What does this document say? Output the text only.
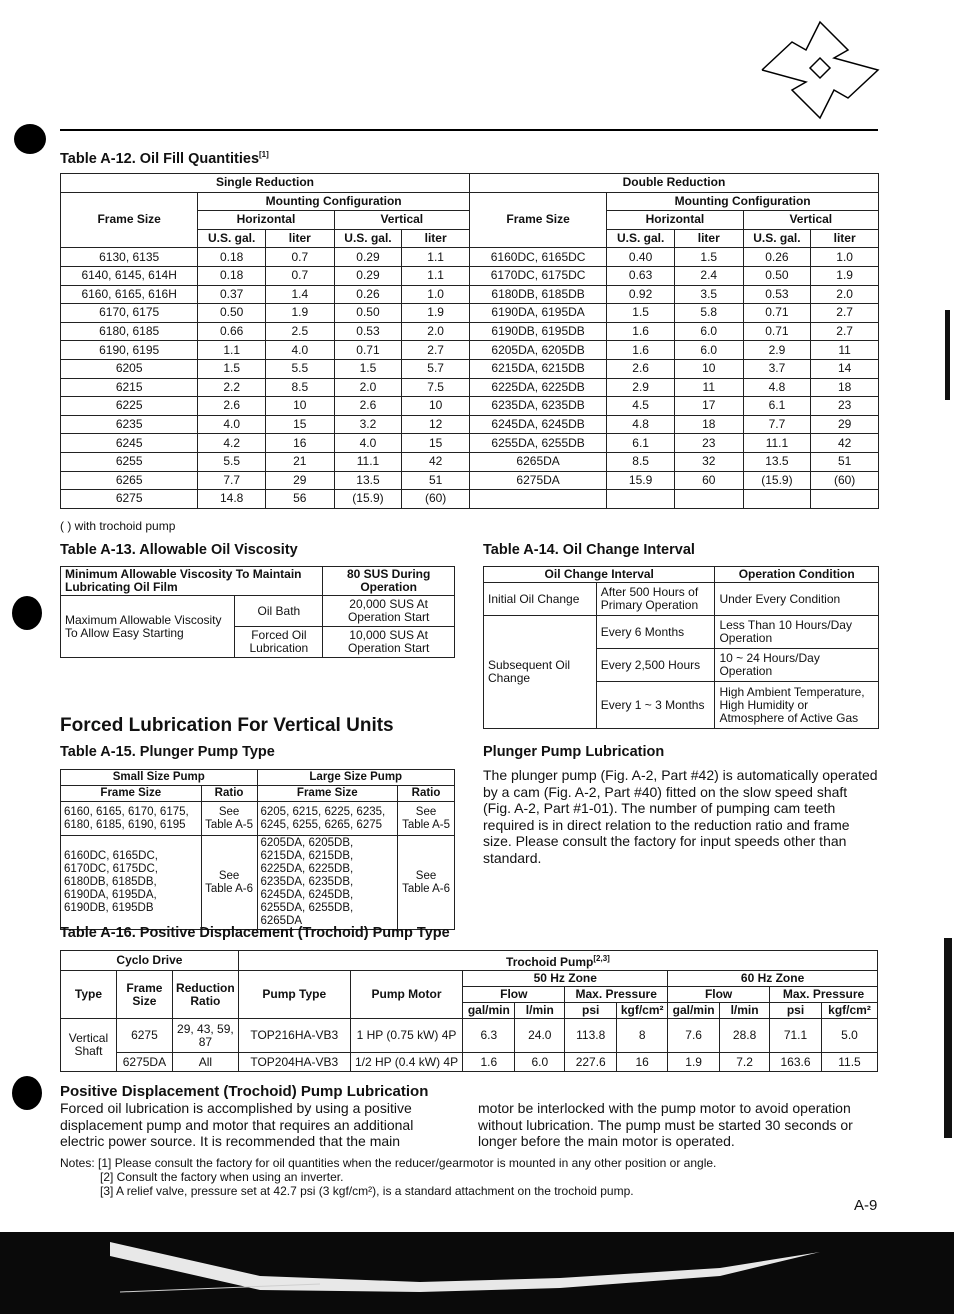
Table A-12. Oil Fill Quantities[1]
Single Reduction					Double Reduction				
Frame Size	Mounting Configuration				Frame Size	Mounting Configuration			
	Horizontal		Vertical			Horizontal		Vertical	
	U.S. gal.	liter	U.S. gal.	liter		U.S. gal.	liter	U.S. gal.	liter
6130, 6135	0.18	0.7	0.29	1.1	6160DC, 6165DC	0.40	1.5	0.26	1.0
6140, 6145, 614H	0.18	0.7	0.29	1.1	6170DC, 6175DC	0.63	2.4	0.50	1.9
6160, 6165, 616H	0.37	1.4	0.26	1.0	6180DB, 6185DB	0.92	3.5	0.53	2.0
6170, 6175	0.50	1.9	0.50	1.9	6190DA, 6195DA	1.5	5.8	0.71	2.7
6180, 6185	0.66	2.5	0.53	2.0	6190DB, 6195DB	1.6	6.0	0.71	2.7
6190, 6195	1.1	4.0	0.71	2.7	6205DA, 6205DB	1.6	6.0	2.9	11
6205	1.5	5.5	1.5	5.7	6215DA, 6215DB	2.6	10	3.7	14
6215	2.2	8.5	2.0	7.5	6225DA, 6225DB	2.9	11	4.8	18
6225	2.6	10	2.6	10	6235DA, 6235DB	4.5	17	6.1	23
6235	4.0	15	3.2	12	6245DA, 6245DB	4.8	18	7.7	29
6245	4.2	16	4.0	15	6255DA, 6255DB	6.1	23	11.1	42
6255	5.5	21	11.1	42	6265DA	8.5	32	13.5	51
6265	7.7	29	13.5	51	6275DA	15.9	60	(15.9)	(60)
6275	14.8	56	(15.9)	(60)					
( ) with trochoid pump
Table A-13. Allowable Oil Viscosity
Minimum Allowable Viscosity To Maintain Lubricating Oil Film		80 SUS During Operation
Maximum Allowable Viscosity To Allow Easy Starting	Oil Bath	20,000 SUS At Operation Start
	Forced Oil Lubrication	10,000 SUS At Operation Start
Table A-14. Oil Change Interval
Oil Change Interval		Operation Condition
Initial Oil Change	After 500 Hours of Primary Operation	Under Every Condition
Subsequent Oil Change	Every 6 Months	Less Than 10 Hours/Day Operation
	Every 2,500 Hours	10 ~ 24 Hours/Day Operation
	Every 1 ~ 3 Months	High Ambient Temperature, High Humidity or Atmosphere of Active Gas
Forced Lubrication For Vertical Units
Table A-15. Plunger Pump Type
Small Size Pump		Large Size Pump	
Frame Size	Ratio	Frame Size	Ratio
6160, 6165, 6170, 6175, 6180, 6185, 6190, 6195	See Table A-5	6205, 6215, 6225, 6235, 6245, 6255, 6265, 6275	See Table A-5
6160DC, 6165DC, 6170DC, 6175DC, 6180DB, 6185DB, 6190DA, 6195DA, 6190DB, 6195DB	See Table A-6	6205DA, 6205DB, 6215DA, 6215DB, 6225DA, 6225DB, 6235DA, 6235DB, 6245DA, 6245DB, 6255DA, 6255DB, 6265DA	See Table A-6
Plunger Pump Lubrication
The plunger pump (Fig. A-2, Part #42) is automatically operated by a cam (Fig. A-2, Part #40) fitted on the slow speed shaft (Fig. A-2, Part #1-01). The number of pumping cam teeth required is in direct relation to the reduction ratio and frame size. Please consult the factory for input speeds other than standard.
Table A-16. Positive Displacement (Trochoid) Pump Type
Cyclo Drive			Trochoid Pump[2,3]
Type	Frame Size	Reduction Ratio	Pump Type	Pump Motor	50 Hz Zone				60 Hz Zone			
					Flow		Max. Pressure		Flow		Max. Pressure	
					gal/min	l/min	psi	kgf/cm²	gal/min	l/min	psi	kgf/cm²
Vertical Shaft	6275	29, 43, 59, 87	TOP216HA-VB3	1 HP (0.75 kW) 4P	6.3	24.0	113.8	8	7.6	28.8	71.1	5.0
	6275DA	All	TOP204HA-VB3	1/2 HP (0.4 kW) 4P	1.6	6.0	227.6	16	1.9	7.2	163.6	11.5
Positive Displacement (Trochoid) Pump Lubrication
Forced oil lubrication is accomplished by using a positive displacement pump and motor that requires an additional electric power source. It is recommended that the main
motor be interlocked with the pump motor to avoid operation without lubrication. The pump must be started 30 seconds or longer before the main motor is operated.
Notes: [1] Please consult the factory for oil quantities when the reducer/gearmotor is mounted in any other position or angle.
[2] Consult the factory when using an inverter.
[3] A relief valve, pressure set at 42.7 psi (3 kgf/cm²), is a standard attachment on the trochoid pump.
A-9
